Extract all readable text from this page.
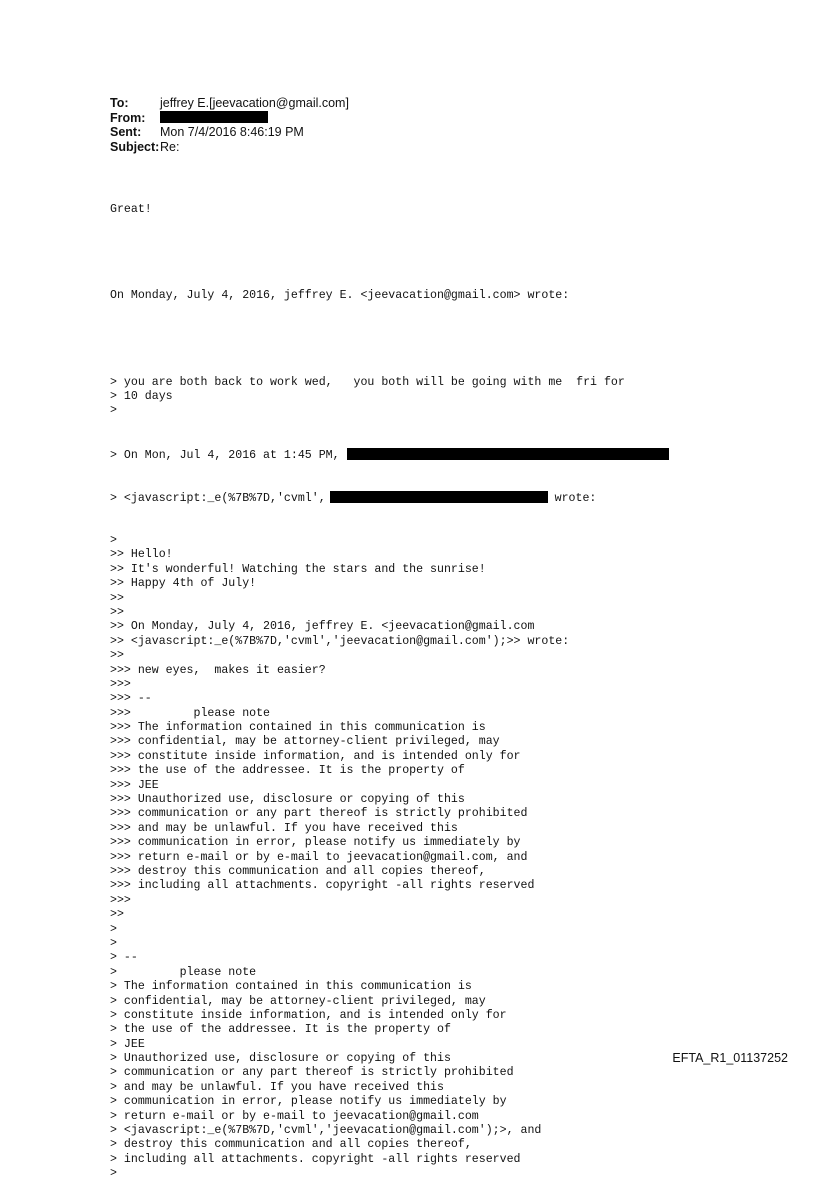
To:	jeffrey E.[jeevacation@gmail.com]
From:
Sent:	Mon 7/4/2016 8:46:19 PM
Subject: Re:

Great!

On Monday, July 4, 2016, jeffrey E. <jeevacation@gmail.com> wrote:

> you are both back to work wed,   you both will be going with me  fri for
> 10 days
>

> On Mon, Jul 4, 2016 at 1:45 PM,

> <javascript:_e(%7B%7D,'cvml',	wrote:

>
>> Hello!
>> It's wonderful! Watching the stars and the sunrise!
>> Happy 4th of July!
>>
>>
>> On Monday, July 4, 2016, jeffrey E. <jeevacation@gmail.com
>> <javascript:_e(%7B%7D,'cvml','jeevacation@gmail.com');>> wrote:
>>
>>> new eyes,  makes it easier?
>>>
>>> --
>>>         please note
>>> The information contained in this communication is
>>> confidential, may be attorney-client privileged, may
>>> constitute inside information, and is intended only for
>>> the use of the addressee. It is the property of
>>> JEE
>>> Unauthorized use, disclosure or copying of this
>>> communication or any part thereof is strictly prohibited
>>> and may be unlawful. If you have received this
>>> communication in error, please notify us immediately by
>>> return e-mail or by e-mail to jeevacation@gmail.com, and
>>> destroy this communication and all copies thereof,
>>> including all attachments. copyright -all rights reserved
>>>
>>
>
>
> --
>         please note
> The information contained in this communication is
> confidential, may be attorney-client privileged, may
> constitute inside information, and is intended only for
> the use of the addressee. It is the property of
> JEE
> Unauthorized use, disclosure or copying of this
> communication or any part thereof is strictly prohibited
> and may be unlawful. If you have received this
> communication in error, please notify us immediately by
> return e-mail or by e-mail to jeevacation@gmail.com
> <javascript:_e(%7B%7D,'cvml','jeevacation@gmail.com');>, and
> destroy this communication and all copies thereof,
> including all attachments. copyright -all rights reserved
>

EFTA_R1_01137252
